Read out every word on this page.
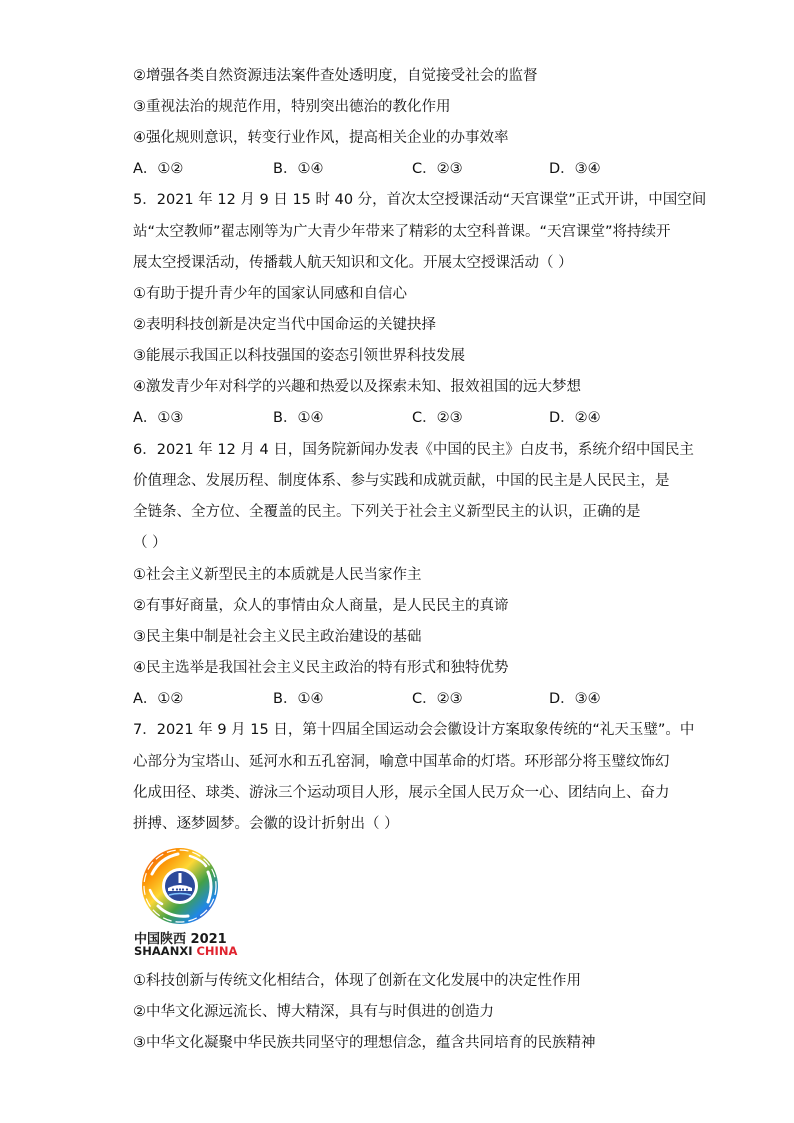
②增强各类自然资源违法案件查处透明度，自觉接受社会的监督
③重视法治的规范作用，特别突出德治的教化作用
④强化规则意识，转变行业作风，提高相关企业的办事效率
A．①②	B．①④	C．②③	D．③④
5．2021 年 12 月 9 日 15 时 40 分，首次太空授课活动“天宫课堂”正式开讲，中国空间
站“太空教师”翟志刚等为广大青少年带来了精彩的太空科普课。“天宫课堂”将持续开
展太空授课活动，传播载人航天知识和文化。开展太空授课活动（ ）
①有助于提升青少年的国家认同感和自信心
②表明科技创新是决定当代中国命运的关键抉择
③能展示我国正以科技强国的姿态引领世界科技发展
④激发青少年对科学的兴趣和热爱以及探索未知、报效祖国的远大梦想
A．①③	B．①④	C．②③	D．②④
6．2021 年 12 月 4 日，国务院新闻办发表《中国的民主》白皮书，系统介绍中国民主
价值理念、发展历程、制度体系、参与实践和成就贡献，中国的民主是人民民主，是
全链条、全方位、全覆盖的民主。下列关于社会主义新型民主的认识，正确的是
（ ）
①社会主义新型民主的本质就是人民当家作主
②有事好商量，众人的事情由众人商量，是人民民主的真谛
③民主集中制是社会主义民主政治建设的基础
④民主选举是我国社会主义民主政治的特有形式和独特优势
A．①②	B．①④	C．②③	D．③④
7．2021 年 9 月 15 日，第十四届全国运动会会徽设计方案取象传统的“礼天玉璧”。中
心部分为宝塔山、延河水和五孔窑洞，喻意中国革命的灯塔。环形部分将玉璧纹饰幻
化成田径、球类、游泳三个运动项目人形，展示全国人民万众一心、团结向上、奋力
拼搏、逐梦圆梦。会徽的设计折射出（ ）
中国陕西 2021
SHAANXI CHINA
①科技创新与传统文化相结合，体现了创新在文化发展中的决定性作用
②中华文化源远流长、博大精深，具有与时俱进的创造力
③中华文化凝聚中华民族共同坚守的理想信念，蕴含共同培育的民族精神
